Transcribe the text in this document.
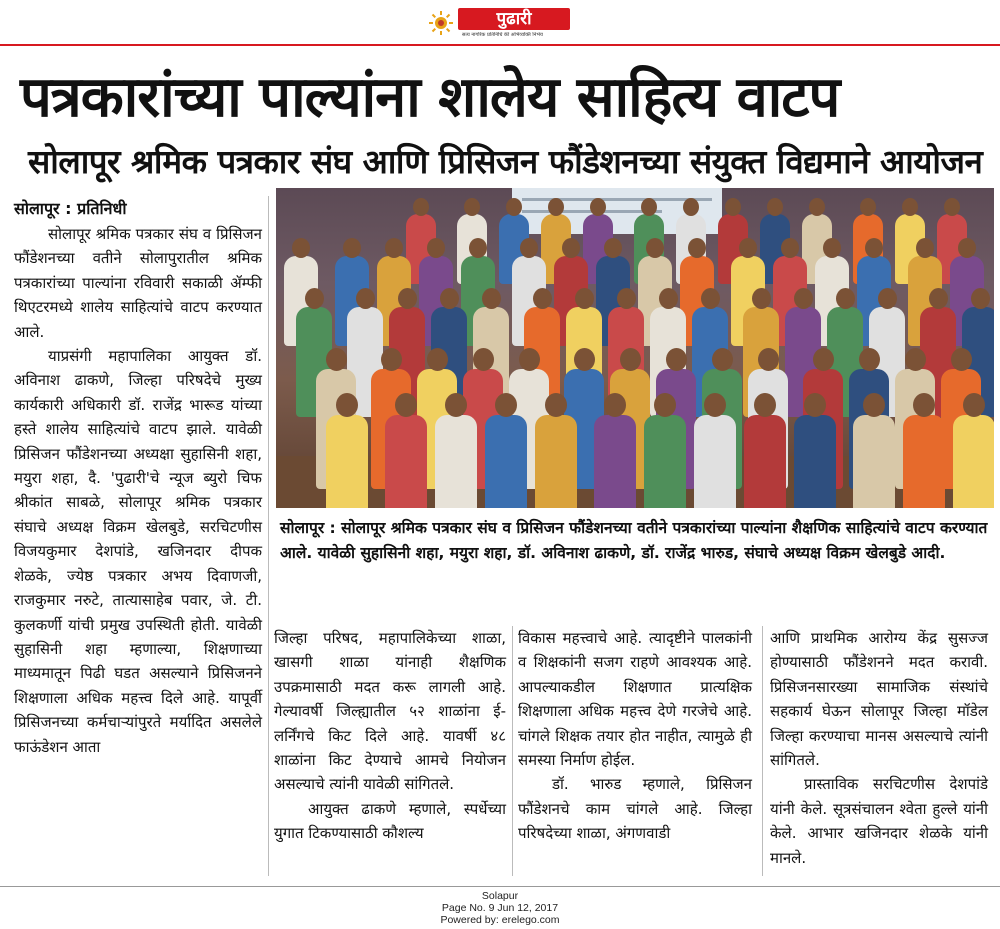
पुढारी
सत्य नागरिक प्रतिनिधि की अभिव्यक्ति निर्भय
पत्रकारांच्या पाल्यांना शालेय साहित्य वाटप
सोलापूर श्रमिक पत्रकार संघ आणि प्रिसिजन फौंडेशनच्या संयुक्त विद्यमाने आयोजन
सोलापूर : प्रतिनिधी

सोलापूर श्रमिक पत्रकार संघ व प्रिसिजन फौंडेशनच्या वतीने सोलापुरातील श्रमिक पत्रकारांच्या पाल्यांना रविवारी सकाळी ॲम्फी थिएटरमध्ये शालेय साहित्यांचे वाटप करण्यात आले.

याप्रसंगी महापालिका आयुक्त डॉ. अविनाश ढाकणे, जिल्हा परिषदेचे मुख्य कार्यकारी अधिकारी डॉ. राजेंद्र भारूड यांच्या हस्ते शालेय साहित्यांचे वाटप झाले. यावेळी प्रिसिजन फौंडेशनच्या अध्यक्षा सुहासिनी शहा, मयुरा शहा, दै. 'पुढारी'चे न्यूज ब्युरो चिफ श्रीकांत साबळे, सोलापूर श्रमिक पत्रकार संघाचे अध्यक्ष विक्रम खेलबुडे, सरचिटणीस विजयकुमार देशपांडे, खजिनदार दीपक शेळके, ज्येष्ठ पत्रकार अभय दिवाणजी, राजकुमार नरुटे, तात्यासाहेब पवार, जे. टी. कुलकर्णी यांची प्रमुख उपस्थिती होती. यावेळी सुहासिनी शहा म्हणाल्या, शिक्षणाच्या माध्यमातून पिढी घडत असल्याने प्रिसिजनने शिक्षणाला अधिक महत्त्व दिले आहे. यापूर्वी प्रिसिजनच्या कर्मचाऱ्यांपुरते मर्यादित असलेले फाऊंडेशन आता

सोलापूर : सोलापूर श्रमिक पत्रकार संघ व प्रिसिजन फौंडेशनच्या वतीने पत्रकारांच्या पाल्यांना शैक्षणिक साहित्यांचे वाटप करण्यात आले. यावेळी सुहासिनी शहा, मयुरा शहा, डॉ. अविनाश ढाकणे, डॉ. राजेंद्र भारुड, संघाचे अध्यक्ष विक्रम खेलबुडे आदी.

जिल्हा परिषद, महापालिकेच्या शाळा, खासगी शाळा यांनाही शैक्षणिक उपक्रमासाठी मदत करू लागली आहे. गेल्यावर्षी जिल्ह्यातील ५२ शाळांना ई-लर्निंगचे किट दिले आहे. यावर्षी ४८ शाळांना किट देण्याचे आमचे नियोजन असल्याचे त्यांनी यावेळी सांगितले.

आयुक्त ढाकणे म्हणाले, स्पर्धेच्या युगात टिकण्यासाठी कौशल्य

विकास महत्त्वाचे आहे. त्यादृष्टीने पालकांनी व शिक्षकांनी सजग राहणे आवश्यक आहे. आपल्याकडील शिक्षणात प्रात्यक्षिक शिक्षणाला अधिक महत्त्व देणे गरजेचे आहे. चांगले शिक्षक तयार होत नाहीत, त्यामुळे ही समस्या निर्माण होईल.

डॉ. भारुड म्हणाले, प्रिसिजन फौंडेशनचे काम चांगले आहे. जिल्हा परिषदेच्या शाळा, अंगणवाडी

आणि प्राथमिक आरोग्य केंद्र सुसज्ज होण्यासाठी फौंडेशनने मदत करावी. प्रिसिजनसारख्या सामाजिक संस्थांचे सहकार्य घेऊन सोलापूर जिल्हा मॉडेल जिल्हा करण्याचा मानस असल्याचे त्यांनी सांगितले.

प्रास्ताविक सरचिटणीस देशपांडे यांनी केले. सूत्रसंचालन श्वेता हुल्ले यांनी केले. आभार खजिनदार शेळके यांनी मानले.

Solapur
Page No. 9 Jun 12, 2017
Powered by: erelego.com
